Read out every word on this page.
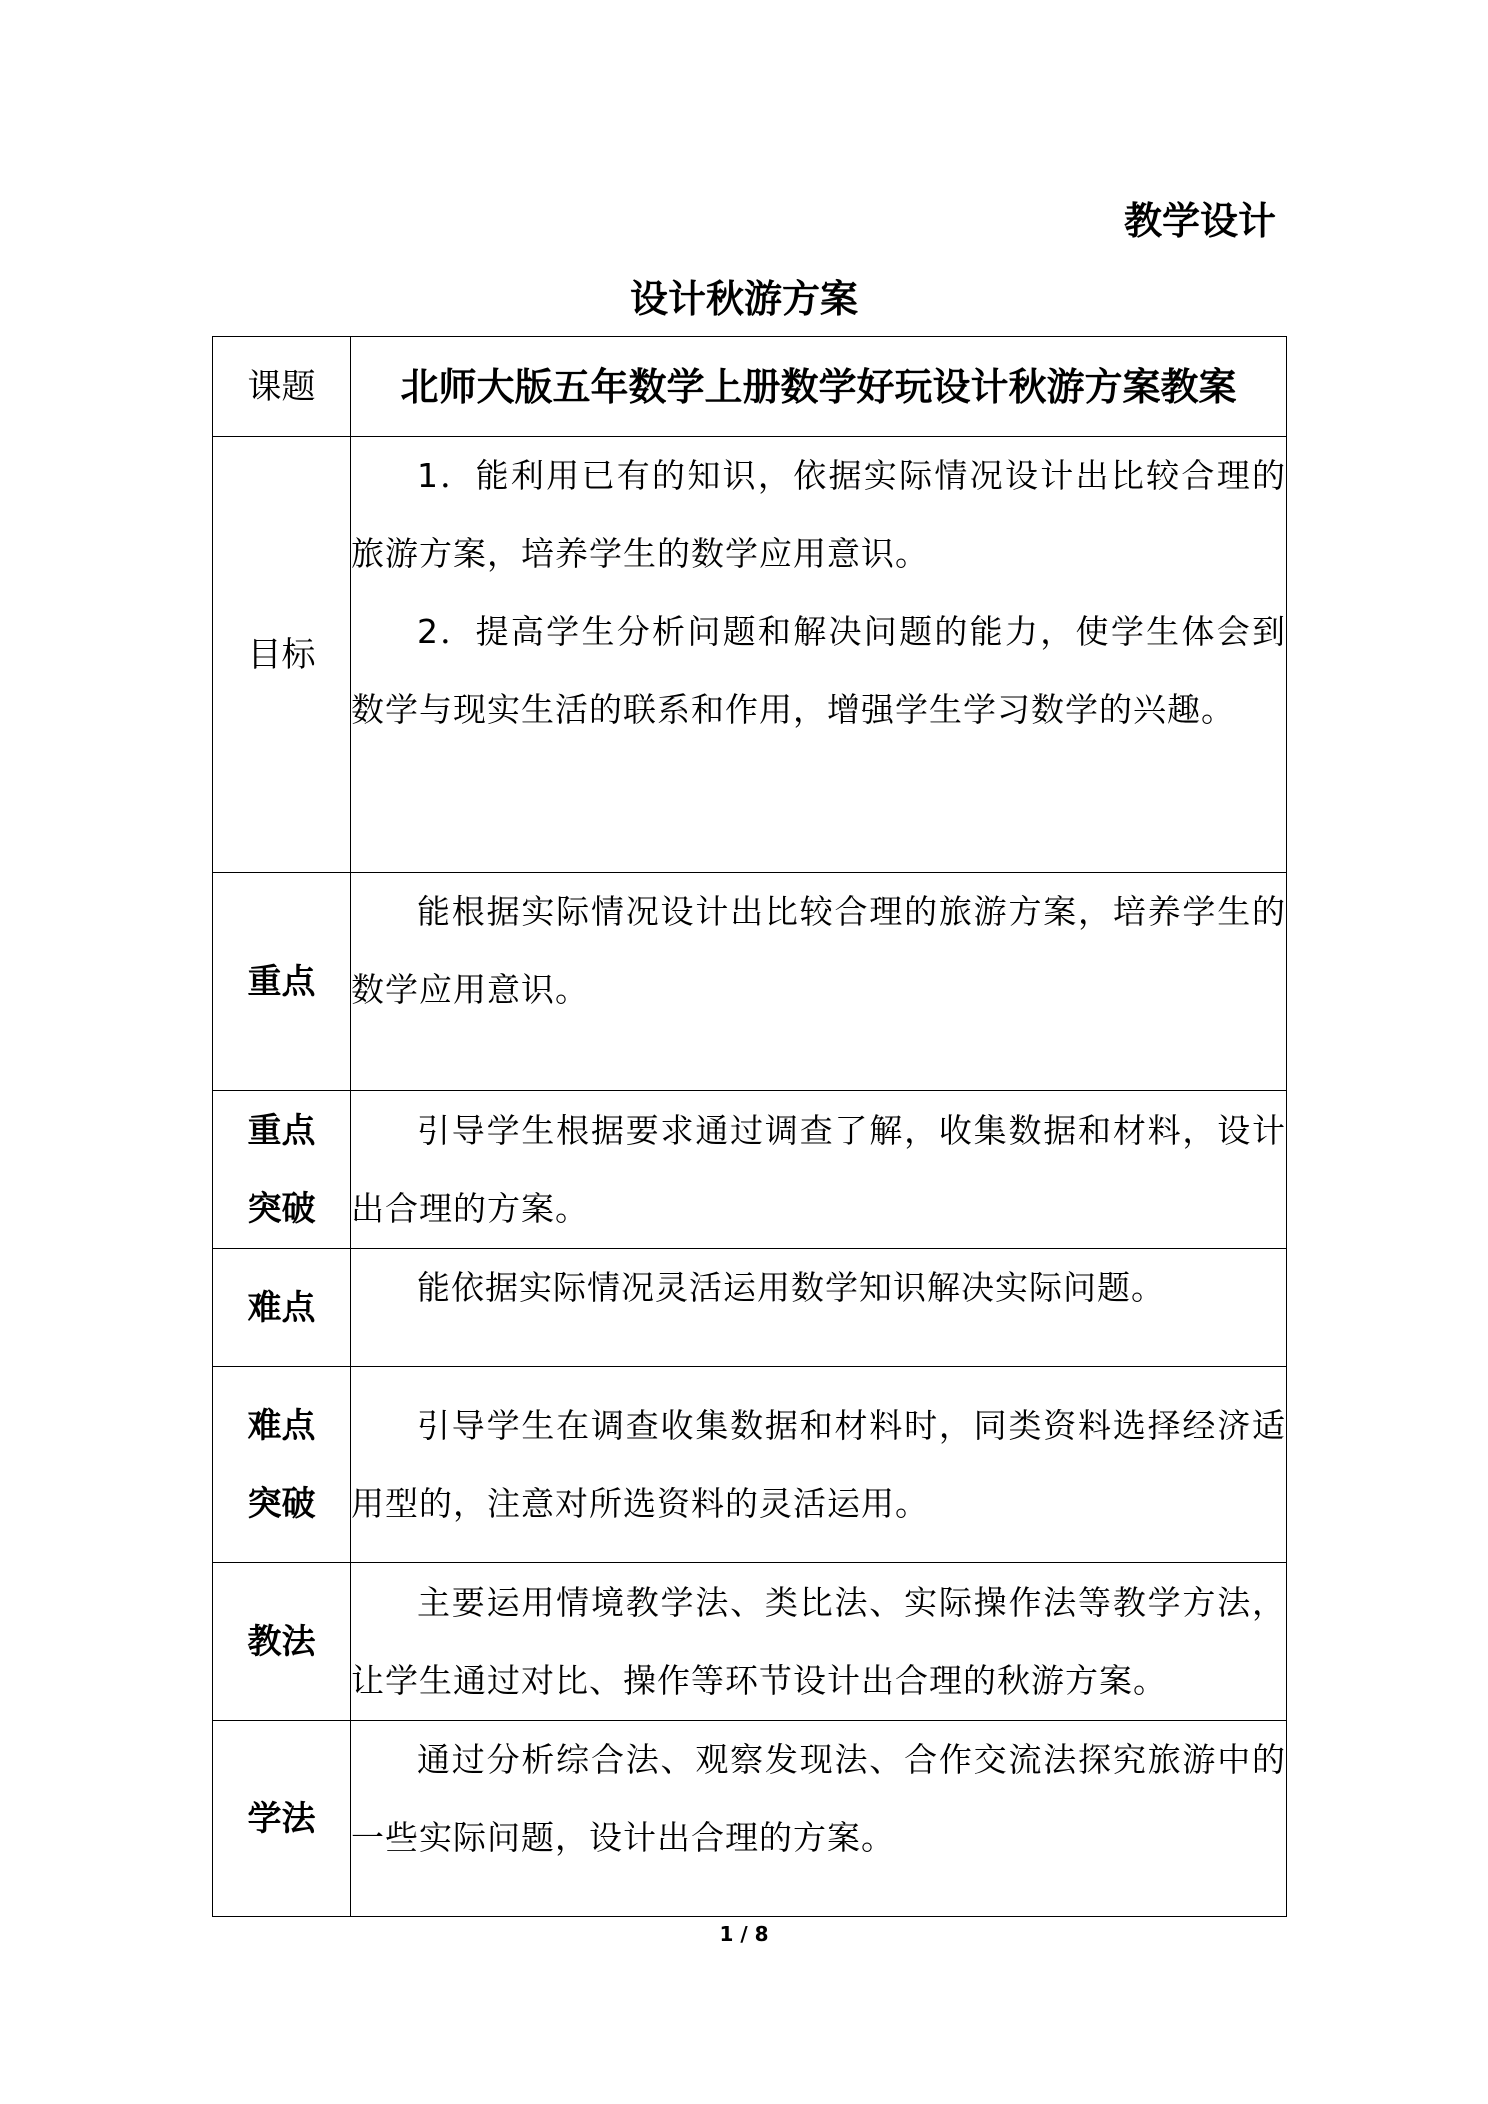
教学设计
设计秋游方案
课题	北师大版五年数学上册数学好玩设计秋游方案教案
目标	1．能利用已有的知识，依据实际情况设计出比较合理的旅游方案，培养学生的数学应用意识。
2．提高学生分析问题和解决问题的能力，使学生体会到数学与现实生活的联系和作用，增强学生学习数学的兴趣。

重点	能根据实际情况设计出比较合理的旅游方案，培养学生的数学应用意识。

重点
突破	引导学生根据要求通过调查了解，收集数据和材料，设计出合理的方案。

难点	能依据实际情况灵活运用数学知识解决实际问题。

难点
突破	引导学生在调查收集数据和材料时，同类资料选择经济适用型的，注意对所选资料的灵活运用。

教法	主要运用情境教学法、类比法、实际操作法等教学方法，让学生通过对比、操作等环节设计出合理的秋游方案。

学法	通过分析综合法、观察发现法、合作交流法探究旅游中的一些实际问题，设计出合理的方案。
1 / 8
